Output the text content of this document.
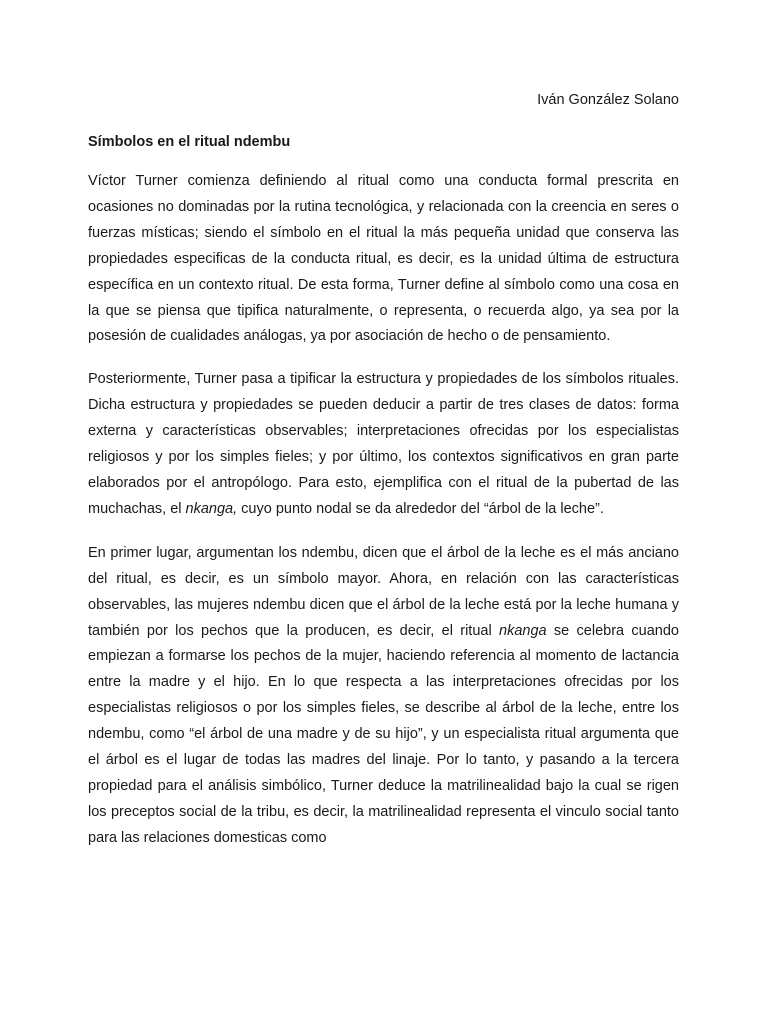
Iván González Solano
Símbolos en el ritual ndembu

Víctor Turner comienza definiendo al ritual como una conducta formal prescrita en ocasiones no dominadas por la rutina tecnológica, y relacionada con la creencia en seres o fuerzas místicas; siendo el símbolo en el ritual la más pequeña unidad que conserva las propiedades especificas de la conducta ritual, es decir, es la unidad última de estructura específica en un contexto ritual. De esta forma, Turner define al símbolo como una cosa en la que se piensa que tipifica naturalmente, o representa, o recuerda algo, ya sea por la posesión de cualidades análogas, ya por asociación de hecho o de pensamiento.

Posteriormente, Turner pasa a tipificar la estructura y propiedades de los símbolos rituales. Dicha estructura y propiedades se pueden deducir a partir de tres clases de datos: forma externa y características observables; interpretaciones ofrecidas por los especialistas religiosos y por los simples fieles; y por último, los contextos significativos en gran parte elaborados por el antropólogo. Para esto, ejemplifica con el ritual de la pubertad de las muchachas, el nkanga, cuyo punto nodal se da alrededor del “árbol de la leche”.

En primer lugar, argumentan los ndembu, dicen que el árbol de la leche es el más anciano del ritual, es decir, es un símbolo mayor. Ahora, en relación con las características observables, las mujeres ndembu dicen que el árbol de la leche está por la leche humana y también por los pechos que la producen, es decir, el ritual nkanga se celebra cuando empiezan a formarse los pechos de la mujer, haciendo referencia al momento de lactancia entre la madre y el hijo. En lo que respecta a las interpretaciones ofrecidas por los especialistas religiosos o por los simples fieles, se describe al árbol de la leche, entre los ndembu, como “el árbol de una madre y de su hijo”, y un especialista ritual argumenta que el árbol es el lugar de todas las madres del linaje. Por lo tanto, y pasando a la tercera propiedad para el análisis simbólico, Turner deduce la matrilinealidad bajo la cual se rigen los preceptos social de la tribu, es decir, la matrilinealidad representa el vinculo social tanto para las relaciones domesticas como
